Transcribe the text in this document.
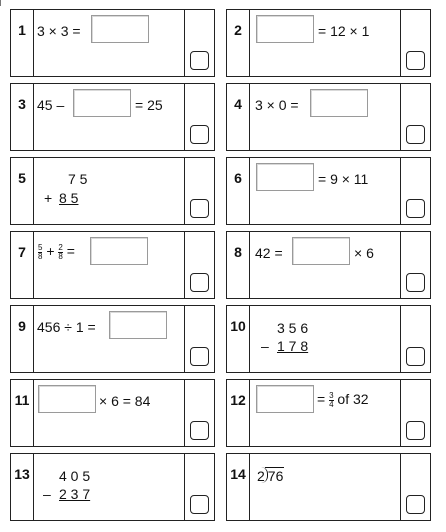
1 3 × 3 =	2	= 12 × 1
3 45 –	= 25	4 3 × 0 =
5	7 5
+ 8 5
6	= 9 × 11
7	$\frac{5}{8} + \frac{2}{8}$ =	8 42 =	× 6
9 456 ÷ 1 =	10	3 5 6
– 1 7 8
11	× 6 = 84	12	= $\frac{3}{4}$ of 32
13	4 0 5
– 2 3 7
14 2 76
